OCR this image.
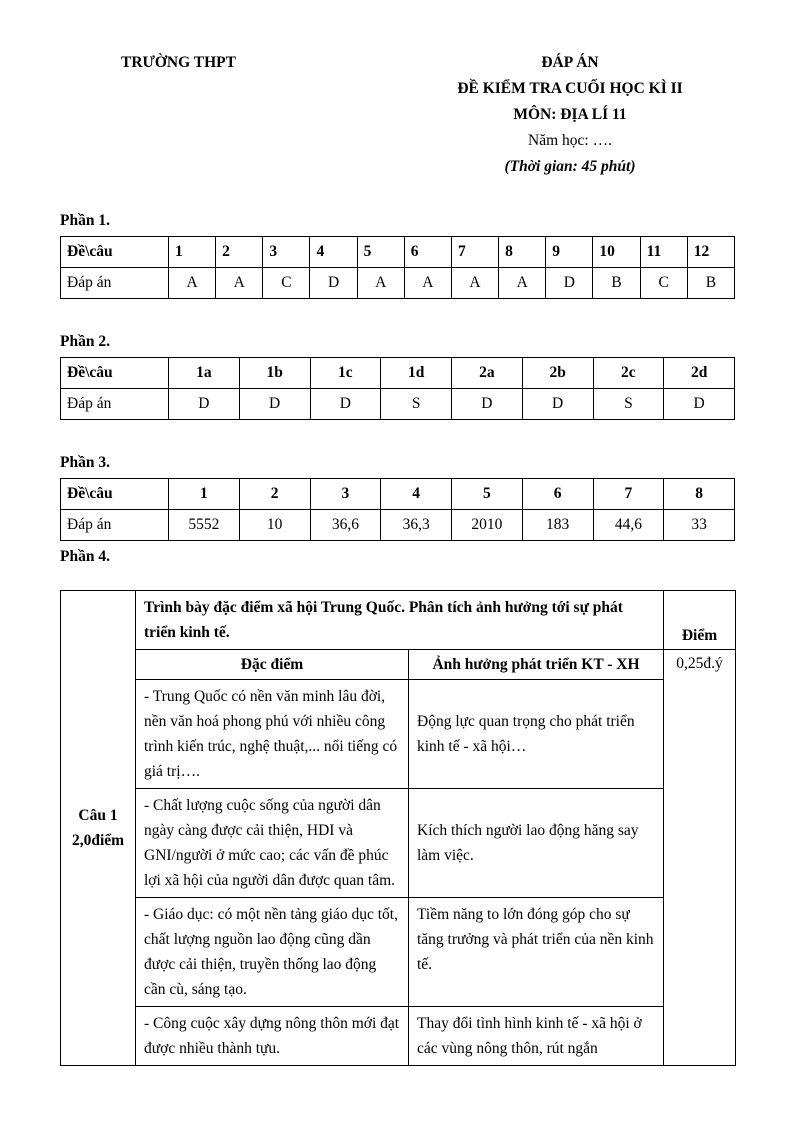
TRƯỜNG THPT	ĐÁP ÁN
ĐỀ KIỂM TRA CUỐI HỌC KÌ II
MÔN: ĐỊA LÍ 11
Năm học: ….
(Thời gian: 45 phút)
Phần 1.
Đề\câu	1	2	3	4	5	6	7	8	9	10	11	12
Đáp án	A	A	C	D	A	A	A	A	D	B	C	B
Phần 2.
Đề\câu	1a	1b	1c	1d	2a	2b	2c	2d
Đáp án	D	D	D	S	D	D	S	D
Phần 3.
Đề\câu	1	2	3	4	5	6	7	8
Đáp án	5552	10	36,6	36,3	2010	183	44,6	33
Phần 4.
Câu 1
2,0điểm	Trình bày đặc điểm xã hội Trung Quốc. Phân tích ảnh hưởng tới sự phát triển kinh tế.		Điểm
	Đặc điểm	Ảnh hưởng phát triển KT - XH	0,25đ.ý
	- Trung Quốc có nền văn minh lâu đời, nền văn hoá phong phú với nhiều công trình kiến trúc, nghệ thuật,... nổi tiếng có giá trị….	Động lực quan trọng cho phát triển kinh tế - xã hội…	
	- Chất lượng cuộc sống của người dân ngày càng được cải thiện, HDI và GNI/người ở mức cao; các vấn đề phúc lợi xã hội của người dân được quan tâm.	Kích thích người lao động hăng say làm việc.	
	- Giáo dục: có một nền tảng giáo dục tốt, chất lượng nguồn lao động cũng dần được cải thiện, truyền thống lao động cần cù, sáng tạo.	Tiềm năng to lớn đóng góp cho sự tăng trưởng và phát triển của nền kinh tế.	
	- Công cuộc xây dựng nông thôn mới đạt được nhiều thành tựu.	Thay đổi tình hình kinh tế - xã hội ở các vùng nông thôn, rút ngắn	
